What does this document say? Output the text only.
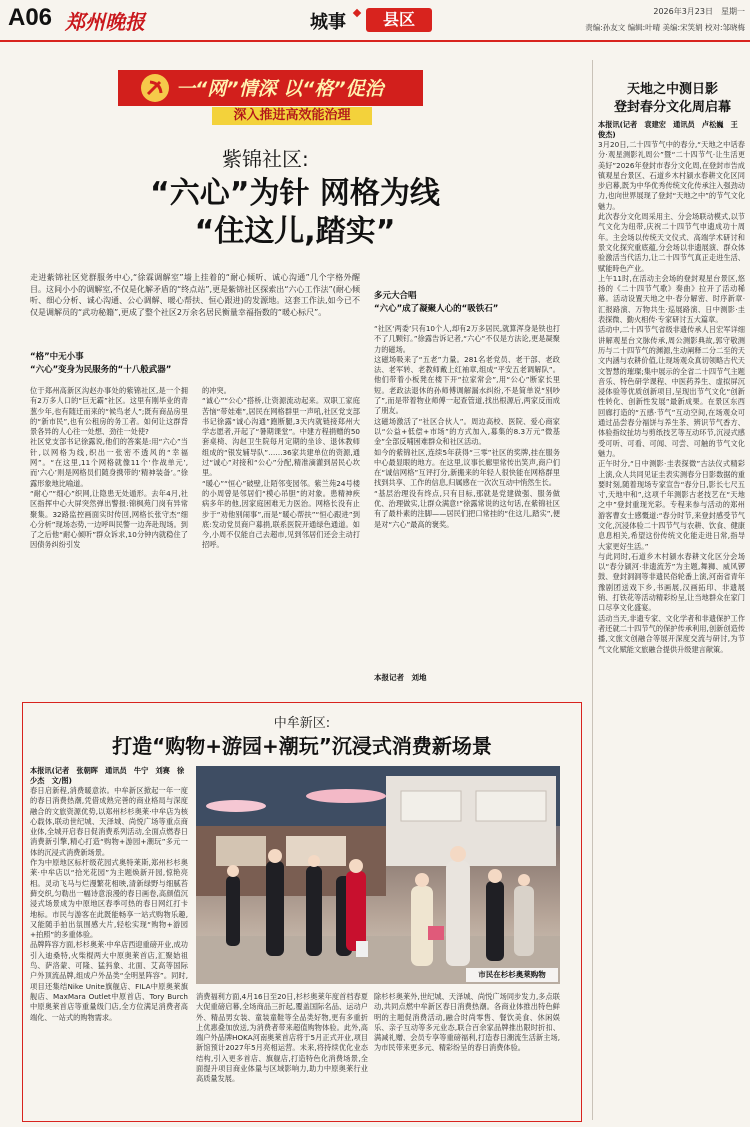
A06 郑州晚报	城事	县区	2026年3月23日　星期一
责编:孙友文 编辑:叶晴 美编:宋笑娟 校对:邹晓梅
一“网”情深 以“格”促治
深入推进高效能治理
紫锦社区:
“六心”为针 网格为线
“住这儿,踏实”
走进紫锦社区党群服务中心,“徐霖调解室”墙上挂着的“耐心倾听、诚心沟通”几个字格外醒目。这间小小的调解室,不仅是化解矛盾的“终点站”,更是紫锦社区探索出“六心工作法”(耐心倾听、细心分析、诚心沟通、公心调解、暖心帮扶、恒心跟进)的发源地。这套工作法,如今已不仅是调解员的“武功秘籍”,更成了整个社区2万余名居民衡量幸福指数的“暖心标尺”。
“格”中无小事
“六心”变身为民服务的“十八般武器”
位于郑州高新区沟赵办事处的紫锦社区,是一个拥有2万多人口的“巨无霸”社区。这里有刚毕业的青葱少年,也有随迁而来的“候鸟老人”;既有商品房里的“新市民”,也有公租房的务工者。如何让这群背景各异的人心往一处想、劲往一处使?
社区党支部书记徐露说,他们的答案是:用“六心”当针,以网格为线,织出一张密不透风的“幸福网”。“在这里,11个网格就像11个‘作战单元’,而‘六心’则是网格员们随身携带的‘精神装备’。”徐露形象地比喻道。
“耐心”“细心”织网,让隐患无处遁形。去年4月,社区指挥中心大屏突然弹出警报:锦枫苑门岗有异常聚集。32路监控画面实时传回,网格长张守杰“细心分析”现场态势,一边呼叫民警一边奔赴现场。到了之后他“耐心倾听”群众诉求,10分钟内就稳住了因债务纠纷引发
的冲突。
“诚心”“公心”搭桥,让资源流动起来。双职工家庭苦恼“带娃难”,居民在网格群里一声吼,社区党支部书记徐露“诚心沟通”跑断腿,3天内就链接郑州大学志愿者,开起了“暑期课堂”。中建方程捐赠的50套桌椅、沟赵卫生院每月定期的坐诊、退休教师组成的“银发辅导队”……36家共建单位的资源,通过“诚心”对接和“公心”分配,精准滴灌到居民心坎里。
“暖心”“恒心”破壁,让陌邻变园邻。紫兰苑24号楼的小周曾是邻居们“模心吊胆”的对象。患精神疾病多年的他,因家庭困难无力医治。网格长没有止步于“劝他别闹事”,而是“暖心帮扶”“恒心跟进”到底:发动党员商户募捐,联系医院开通绿色通道。如今,小周不仅能自己去超市,见到邻居们还会主动打招呼。
多元大合唱
“六心”成了凝聚人心的“吸铁石”
“社区‘两委’只有10个人,却有2万多居民,就算浑身是铁也打不了几颗钉。”徐露告诉记者,“六心”不仅是方法论,更是凝聚力的磁场。
这磁场吸来了“五老”力量。281名老党员、老干部、老政法、老军转、老教师戴上红袖章,组成“平安五老调解队”。他们带着小板凳在楼下开“拉家常会”,用“公心”断家长里短。老政法退休的孙师傅调解漏水纠纷,不是简单说“别吵了”,而是带着物业师傅一起查管道,找出根源后,两家反而成了朋友。
这磁场激活了“社区合伙人”。周边高校、医院、爱心商家以“公益+低偿+市场”的方式加入,募集的8.3万元“微基金”全部反哺困难群众和社区活动。
如今的紫锦社区,连续5年获得“三零”社区的奖牌,挂在服务中心最显眼的地方。在这里,议事长廊里常传出笑声,商户们在“诚信网格”互评打分,新搬来的年轻人很快能在网格群里找到共享、工作的信息,归属感在一次次互动中悄然生长。
“基层治理没有终点,只有目标,那就是党建做强、服务做优、治理做实,让群众满意!”徐露常说的这句话,在紫锦社区有了最朴素的注脚——居民们把口常挂的“住这儿,踏实”,便是对“六心”最高的褒奖。
本报记者　刘地
中牟新区:
打造“购物+游园+潮玩”沉浸式消费新场景
本报讯(记者　张朝晖　通讯员　牛宁　刘赛　徐少杰　文/图)
春日启新程,消费暖意浓。中牟新区掀起一年一度的春日消费热潮,凭借成熟完善的商业格局与深度融合的文旅资源优势,以郑州杉杉奥莱·中牟店为核心载体,联动世纪城、天泽城、尚悦广场等重点商业体,全城开启春日促消费系列活动,全面点燃春日消费新引擎,精心打造“购物+游园+潮玩”多元一体的沉浸式消费新场景。
作为中原地区标杆级花园式奥特莱斯,郑州杉杉奥莱·中牟店以“拾光花园”为主题焕新开园,惊艳亮相。灵动飞马与烂漫繁花相映,清新绿野与细腻苔藓交织,匀勒出一幅诗意浪漫的春日画卷,高颜值沉浸式场景成为中原地区春季可热的春日网红打卡地标。市民与游客在此既能畅享一站式购物乐趣,又能随手拍出氛围感大片,轻松实现“购物+游园+拍照”的多重体验。
品牌阵容方面,杉杉奥莱·中牟店西迎重磅开业,成功引入迪桑特,火柴棍两大中原奥莱首店,汇聚始祖鸟、萨洛蒙、可隆、猛犸象、北面、艾高等国际户外顶流品牌,组成户外品类“全明星阵容”。同时,项目还集结Nike Unite旗舰店、FILA中原奥莱旗舰店、MaxMara Outlet中原首店、Tory Burch中原奥莱首店等重量级门店,全方位满足消费者高端化、一站式的购物需求。
市民在杉杉奥莱购物
消费福利方面,4月16日至20日,杉杉奥莱年度首档春夏大促重磅启幕,全场商品三折起,覆盖国际名品、运动户外、精品男女装、童装童鞋等全品类好物,更有多重折上优惠叠加放送,为消费者带来超值购物体验。此外,高端户外品牌HOKA河南奥莱首店将于5月正式开业,项目新馆预计2027年5月亮相运营。未来,将持续优化业态结构,引入更多首店、旗舰店,打造特色化消费场景,全面提升项目商业体量与区域影响力,助力中原奥莱行业高质量发展。
除杉杉奥莱外,世纪城、天泽城、尚悦广场同步发力,多点联动,共同点燃中牟新区春日消费热潮。各商业体推出特色鲜明的主题促消费活动,融合时尚零售、餐饮美食、休闲娱乐、亲子互动等多元业态,联合百余家品牌推出限时折扣、满减礼赠、会员专享等重磅福利,打造春日潮流生活新主场,为市民带来更多元、精彩纷呈的春日消费体验。
天地之中测日影
登封春分文化周启幕
本报讯(记者　袁建宏　通讯员　卢松巍　王俊杰)
3月20日,二十四节气中的春分,“天地之中话春分·观星测影礼周公”暨“二十四节气·让生活更美好”2026年登封市春分文化周,在登封市告成镇观星台景区、石道乡木村颍水春耕文化区同步启幕,既为中华优秀传统文化传承注入强劲动力,也向世界展现了登封“天地之中”的节气文化魅力。
此次春分文化周采用主、分会场联动模式,以节气文化为纽带,庆祝二十四节气申遗成功十周年。主会场以传统天文仪式、高端学术研讨和景文化探究重底蕴,分会场以非遗展演、群众体验激活当代活力,让二十四节气真正走进生活、赋能時色产业。
上午11时,在活动主会场的登封观星台景区,悠扬的《二十四节气歌》奏曲》拉开了活动稀幕。活动设置天地之中·春分解密、时序新章·汇报路演、万物共生·巡展路演、日中测影·圭表探微、勤火相传·专家研讨五大篇章。
活动中,二十四节气省级非遗传承人吕宏军详细讲解观星台文脉传承,周公测影典故,郭守敬测历与二十四节气的渊源,生动阐释二分二至的天文内涵与农耕价值,让现场观众真切领略古代天文智慧的璀璨;集中展示的全省二十四节气主题音乐、特色研学课程、中医药养生、虚拟屏沉浸体验等优质创新项目,呈现出节气文化“创新性转化、创新性发展”最新成果。在景区东西回廊打造的“五感·节气”互动空间,在场观众可通过品尝春分福饼与养生茶、辨识节气香方、体验指纹扯坊与剪纸技艺等互动环节,沉浸式感受可听、可看、可闻、可尝、可触的节气文化魅力。
正午时分,“日中测影·圭表探微”古法仪式精彩上演,众人共同见证圭表实测春分日影数据的重要时刻,随着现场专家宣告“春分日,影长七尺五寸,天地中和”,这项千年测影古老技艺在“天地之中”登封重现光彩。专程来参与活动的郑州游客曹女士感慨道:“春分时节,来登封感受节气文化,沉浸体验二十四节气与农耕、饮食、健康息息相关,希望这份传统文化能走进日常,指导大家更好生活。”
与此同时,石道乡木村颍水春耕文化区分会场以“春分颍河·非遗流芳”为主题,舞狮、威风锣鼓、登封洞洞等非遗民俗轮番上演,河南省青年豫剧团送戏下乡,书画展,汉画拓印、非遗展销、打铁花等活动精彩纷呈,让当地群众在家门口尽享文化盛宴。
活动当天,非遗专家、文化学者和非遗保护工作者还就二十四节气的保护传承利用,创新创造传播,文旅文创融合等展开深度交流与研讨,为节气文化赋能文旅融合提供升级建言献策。
